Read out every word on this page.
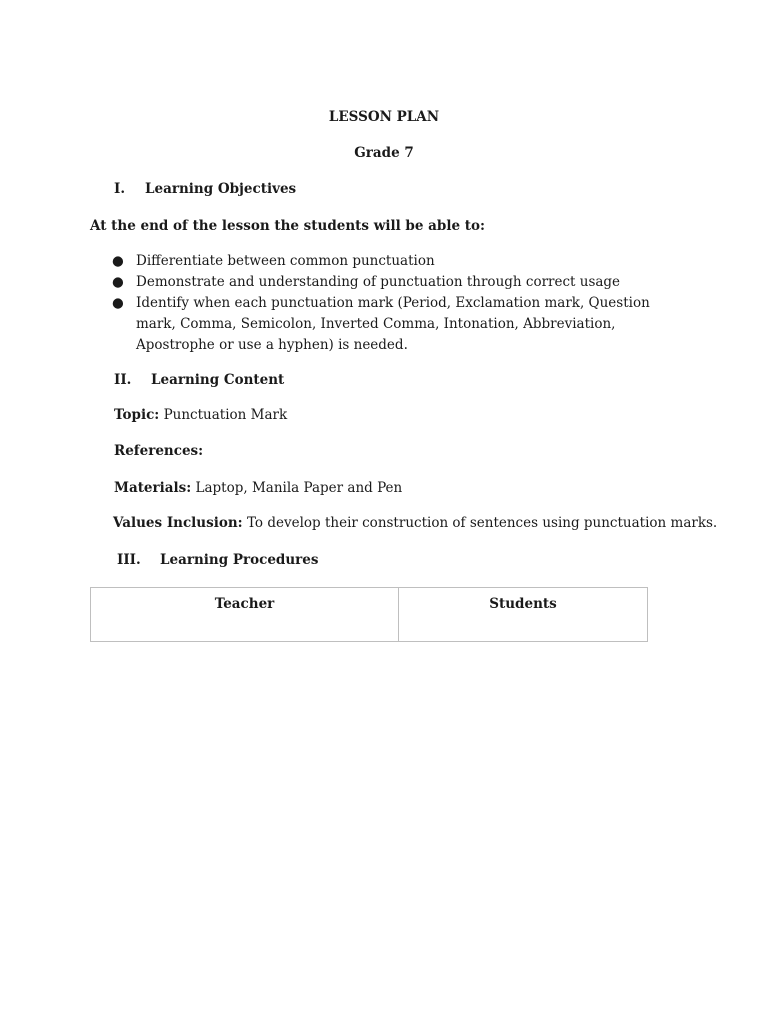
LESSON PLAN
Grade 7
I. Learning Objectives
At the end of the lesson the students will be able to:
● Differentiate between common punctuation
● Demonstrate and understanding of punctuation through correct usage
● Identify when each punctuation mark (Period, Exclamation mark, Question mark, Comma, Semicolon, Inverted Comma, Intonation, Abbreviation, Apostrophe or use a hyphen) is needed.
II. Learning Content
Topic: Punctuation Mark
References:
Materials: Laptop, Manila Paper and Pen
Values Inclusion: To develop their construction of sentences using punctuation marks.
III. Learning Procedures
Teacher	Students
